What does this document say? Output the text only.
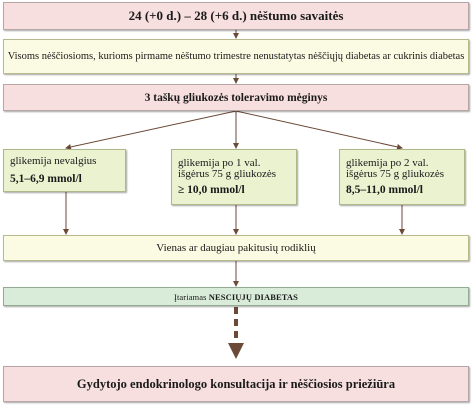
24 (+0 d.) – 28 (+6 d.) nėštumo savaitės
Visoms nėščiosioms, kurioms pirmame nėštumo trimestre nenustatytas nėščiųjų diabetas ar cukrinis diabetas
3 taškų gliukozės toleravimo mėginys
glikemija nevalgius
5,1–6,9 mmol/l
glikemija po 1 val. išgėrus 75 g gliukozės
≥ 10,0 mmol/l
glikemija po 2 val. išgėrus 75 g gliukozės
8,5–11,0 mmol/l
Vienas ar daugiau pakitusių rodiklių
Įtariamas NESCIŲJŲ DIABETAS
Gydytojo endokrinologo konsultacija ir nėščiosios priežiūra
